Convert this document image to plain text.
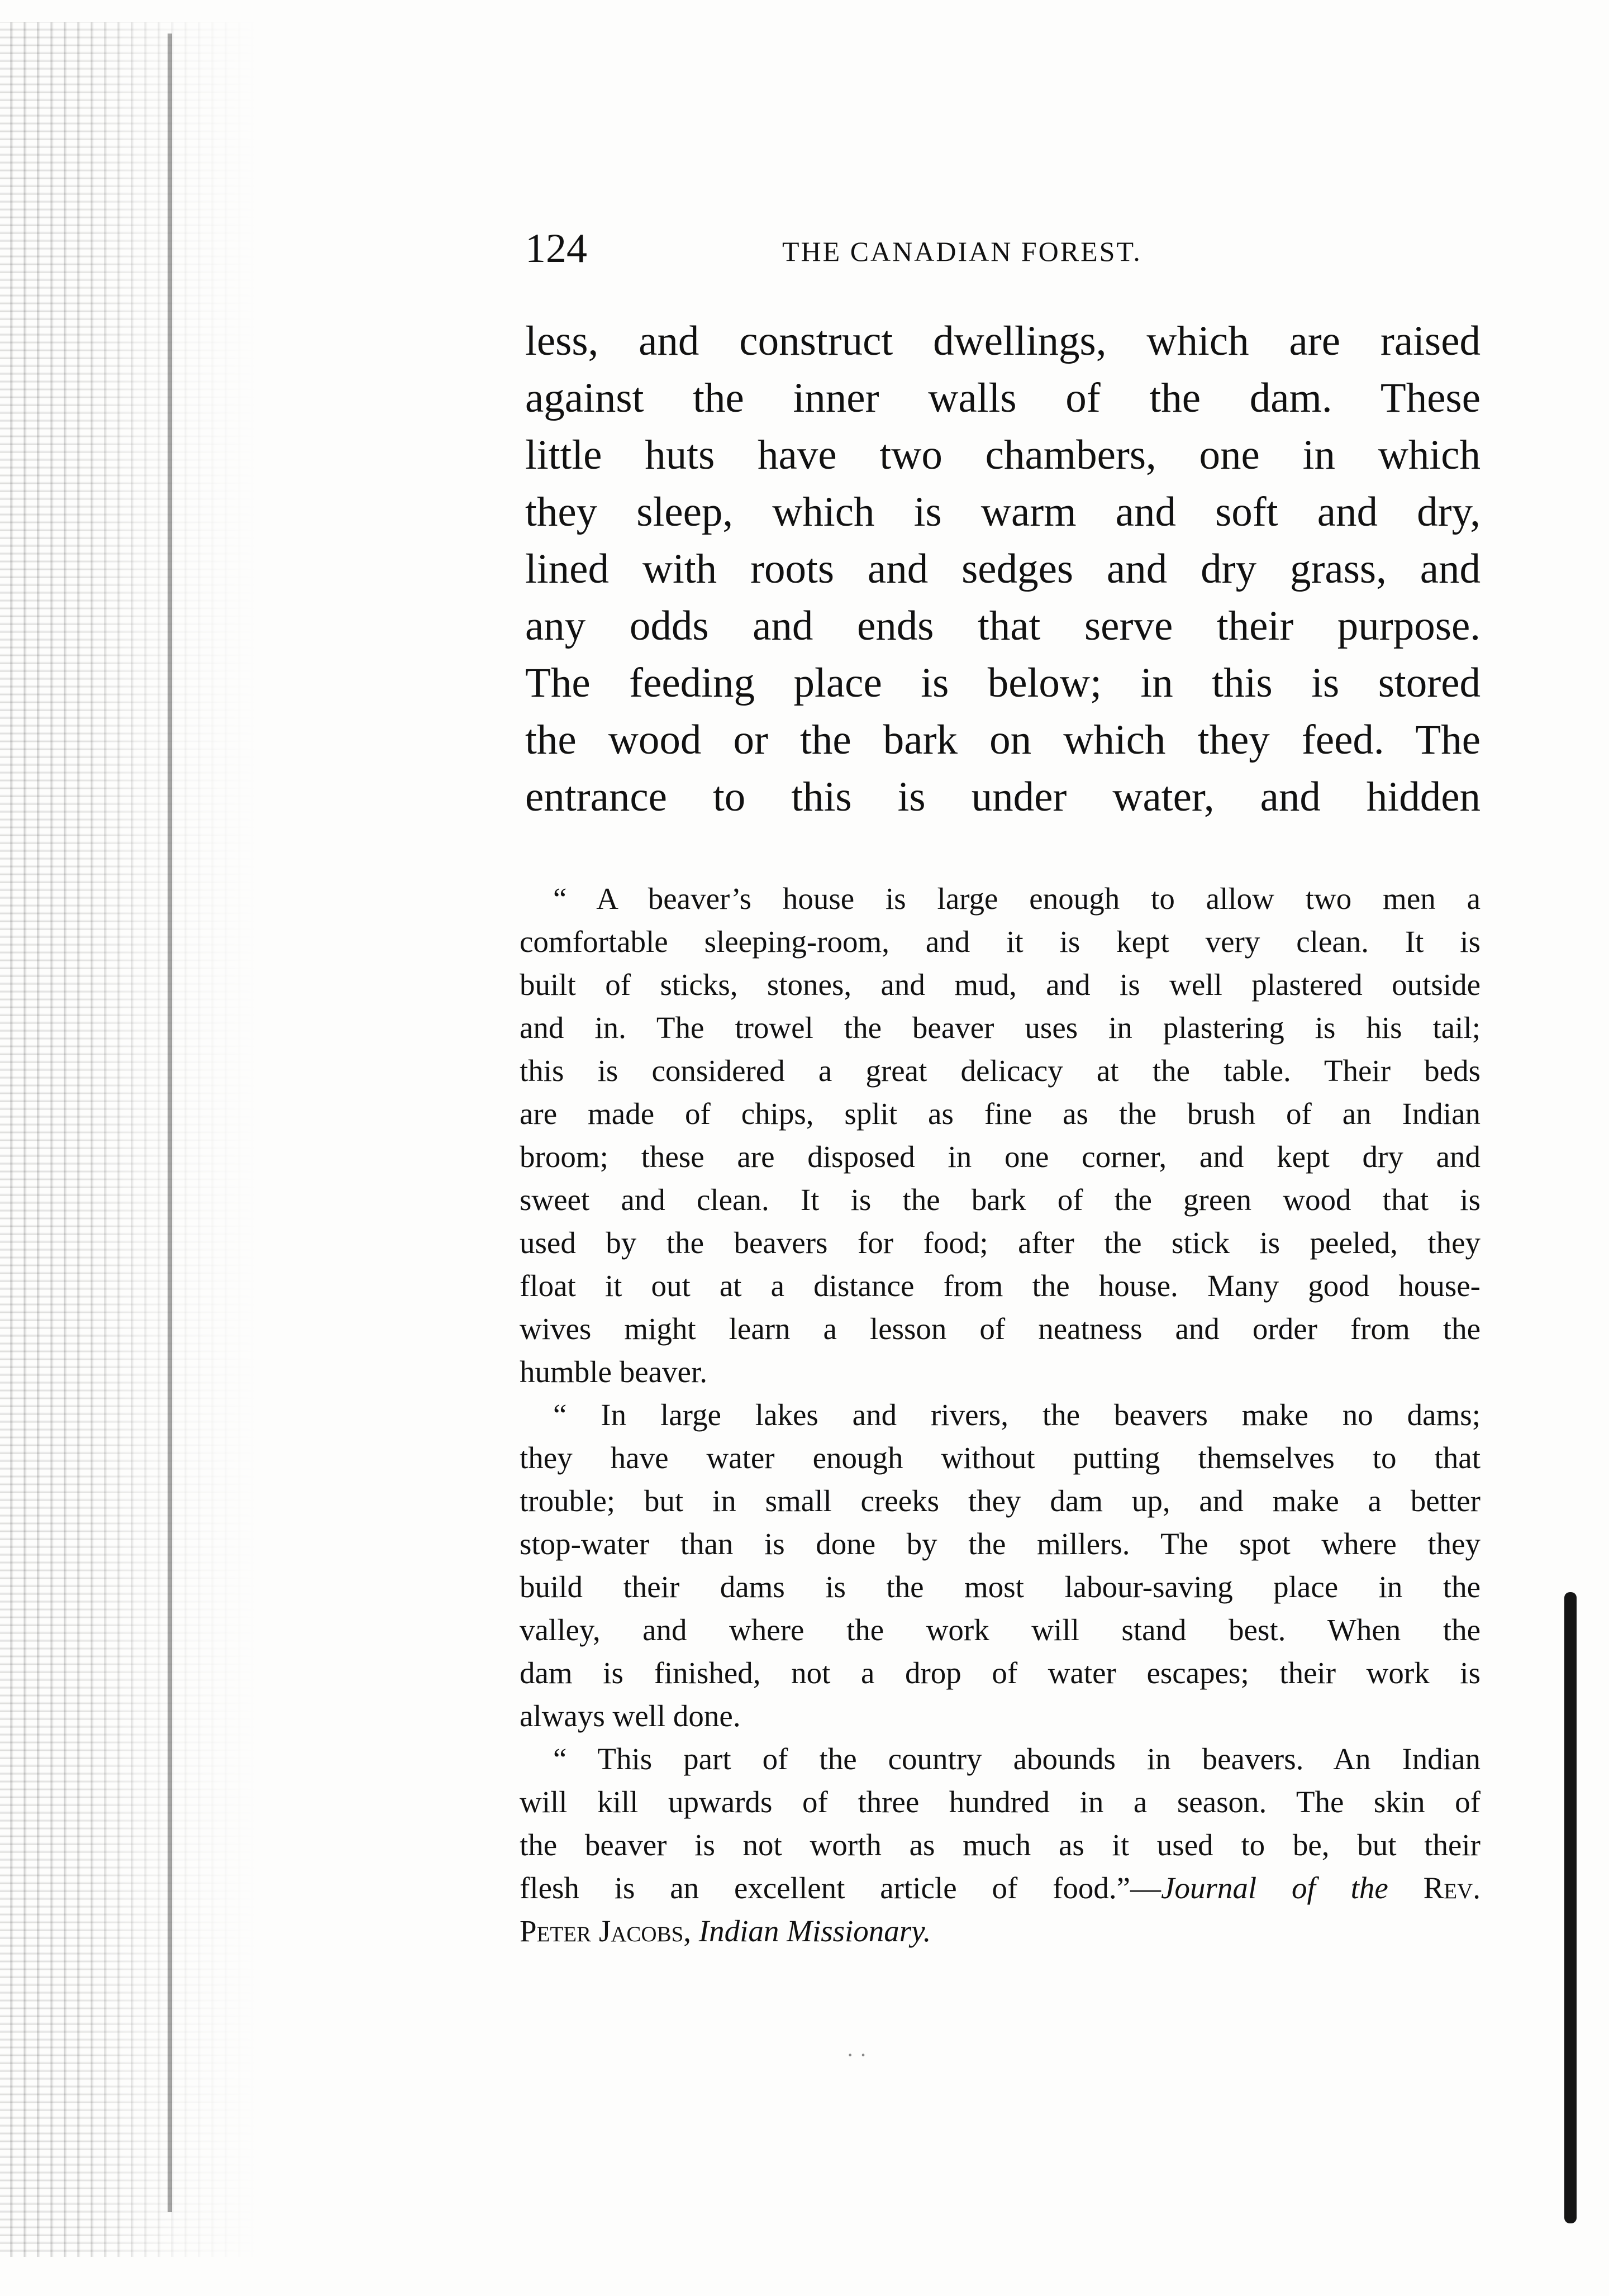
124	THE CANADIAN FOREST.
less, and construct dwellings, which are raised
against the inner walls of the dam. These
little huts have two chambers, one in which
they sleep, which is warm and soft and dry,
lined with roots and sedges and dry grass, and
any odds and ends that serve their purpose.
The feeding place is below; in this is stored
the wood or the bark on which they feed. The
entrance to this is under water, and hidden
“ A beaver’s house is large enough to allow two men a
comfortable sleeping-room, and it is kept very clean. It is
built of sticks, stones, and mud, and is well plastered outside
and in. The trowel the beaver uses in plastering is his tail;
this is considered a great delicacy at the table. Their beds
are made of chips, split as fine as the brush of an Indian
broom; these are disposed in one corner, and kept dry and
sweet and clean. It is the bark of the green wood that is
used by the beavers for food; after the stick is peeled, they
float it out at a distance from the house. Many good house-
wives might learn a lesson of neatness and order from the
humble beaver.
“ In large lakes and rivers, the beavers make no dams;
they have water enough without putting themselves to that
trouble; but in small creeks they dam up, and make a better
stop-water than is done by the millers. The spot where they
build their dams is the most labour-saving place in the
valley, and where the work will stand best. When the
dam is finished, not a drop of water escapes; their work is
always well done.
“ This part of the country abounds in beavers. An Indian
will kill upwards of three hundred in a season. The skin of
the beaver is not worth as much as it used to be, but their
flesh is an excellent article of food.”—Journal of the Rev.
Peter Jacobs, Indian Missionary.
· ·
